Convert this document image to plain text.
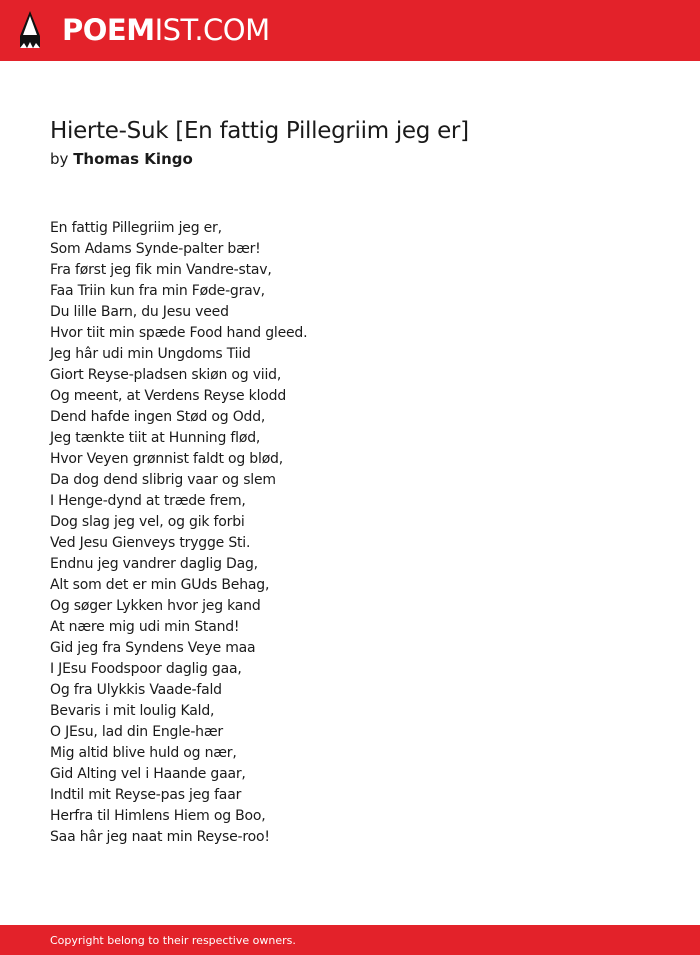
POEMIST.COM
Hierte-Suk [En fattig Pillegriim jeg er]
by Thomas Kingo
En fattig Pillegriim jeg er,
Som Adams Synde-palter bær!
Fra først jeg fik min Vandre-stav,
Faa Triin kun fra min Føde-grav,
Du lille Barn, du Jesu veed
Hvor tiit min spæde Food hand gleed.
Jeg hâr udi min Ungdoms Tiid
Giort Reyse-pladsen skiøn og viid,
Og meent, at Verdens Reyse klodd
Dend hafde ingen Stød og Odd,
Jeg tænkte tiit at Hunning flød,
Hvor Veyen grønnist faldt og blød,
Da dog dend slibrig vaar og slem
I Henge-dynd at træde frem,
Dog slag jeg vel, og gik forbi
Ved Jesu Gienveys trygge Sti.
Endnu jeg vandrer daglig Dag,
Alt som det er min GUds Behag,
Og søger Lykken hvor jeg kand
At nære mig udi min Stand!
Gid jeg fra Syndens Veye maa
I JEsu Foodspoor daglig gaa,
Og fra Ulykkis Vaade-fald
Bevaris i mit loulig Kald,
O JEsu, lad din Engle-hær
Mig altid blive huld og nær,
Gid Alting vel i Haande gaar,
Indtil mit Reyse-pas jeg faar
Herfra til Himlens Hiem og Boo,
Saa hâr jeg naat min Reyse-roo!
Copyright belong to their respective owners.
